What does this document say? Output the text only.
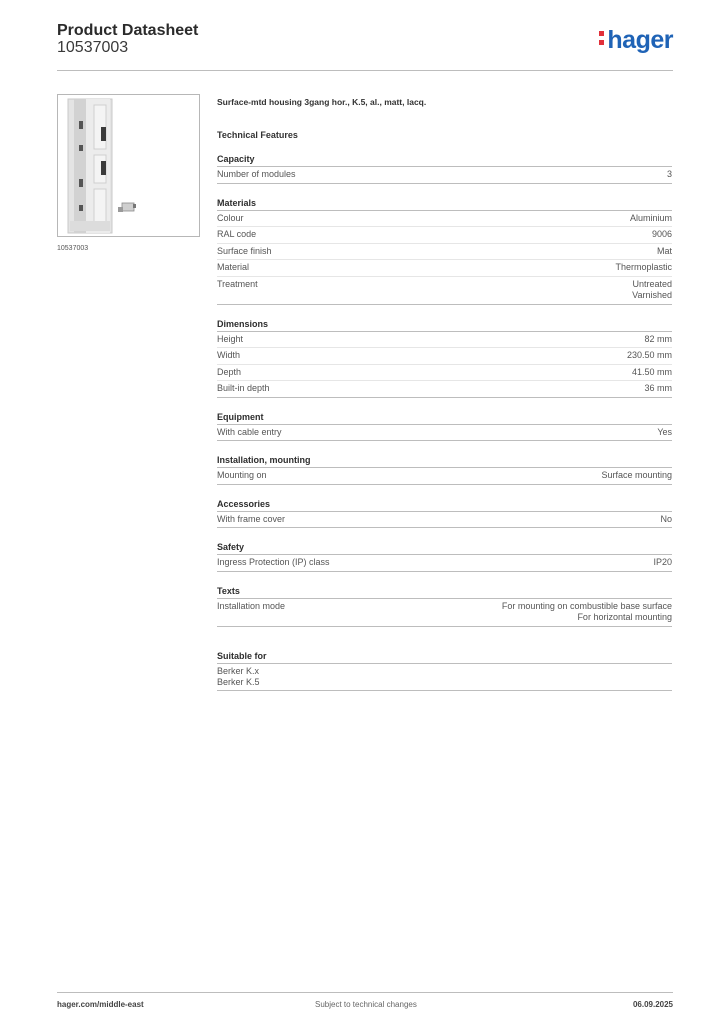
Product Datasheet
10537003	hager
10537003
Surface-mtd housing 3gang hor., K.5, al., matt, lacq.
Technical Features
Capacity
Number of modules	3
Materials
Colour	Aluminium
RAL code	9006
Surface finish	Mat
Material	Thermoplastic
Treatment	Untreated
Varnished
Dimensions
Height	82 mm
Width	230.50 mm
Depth	41.50 mm
Built-in depth	36 mm
Equipment
With cable entry	Yes
Installation, mounting
Mounting on	Surface mounting
Accessories
With frame cover	No
Safety
Ingress Protection (IP) class	IP20
Texts
Installation mode	For mounting on combustible base surface
For horizontal mounting
Suitable for
Berker K.x
Berker K.5
hager.com/middle-east	Subject to technical changes	06.09.2025
